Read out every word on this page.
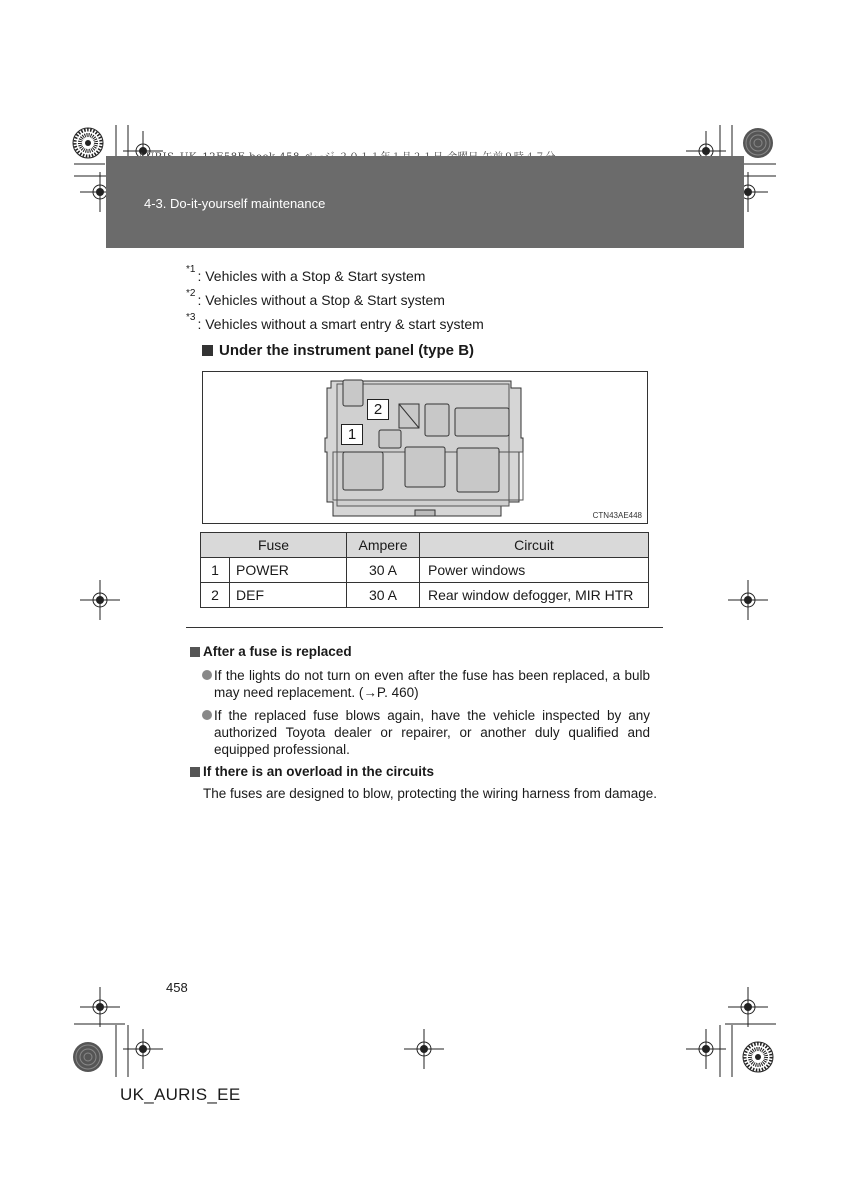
4-3. Do-it-yourself maintenance
$^{*1}$ : Vehicles with a Stop & Start system
$^{*2}$ : Vehicles without a Stop & Start system
$^{*3}$ : Vehicles without a smart entry & start system
Under the instrument panel (type B)
2
1
CTN43AE448
Fuse		Ampere	Circuit
1	POWER	30 A	Power windows
2	DEF	30 A	Rear window defogger, MIR HTR
After a fuse is replaced
If the lights do not turn on even after the fuse has been replaced, a bulb may need replacement. (→P. 460)
If the replaced fuse blows again, have the vehicle inspected by any authorized Toyota dealer or repairer, or another duly qualified and equipped professional.
If there is an overload in the circuits
The fuses are designed to blow, protecting the wiring harness from damage.
458
UK_AURIS_EE
